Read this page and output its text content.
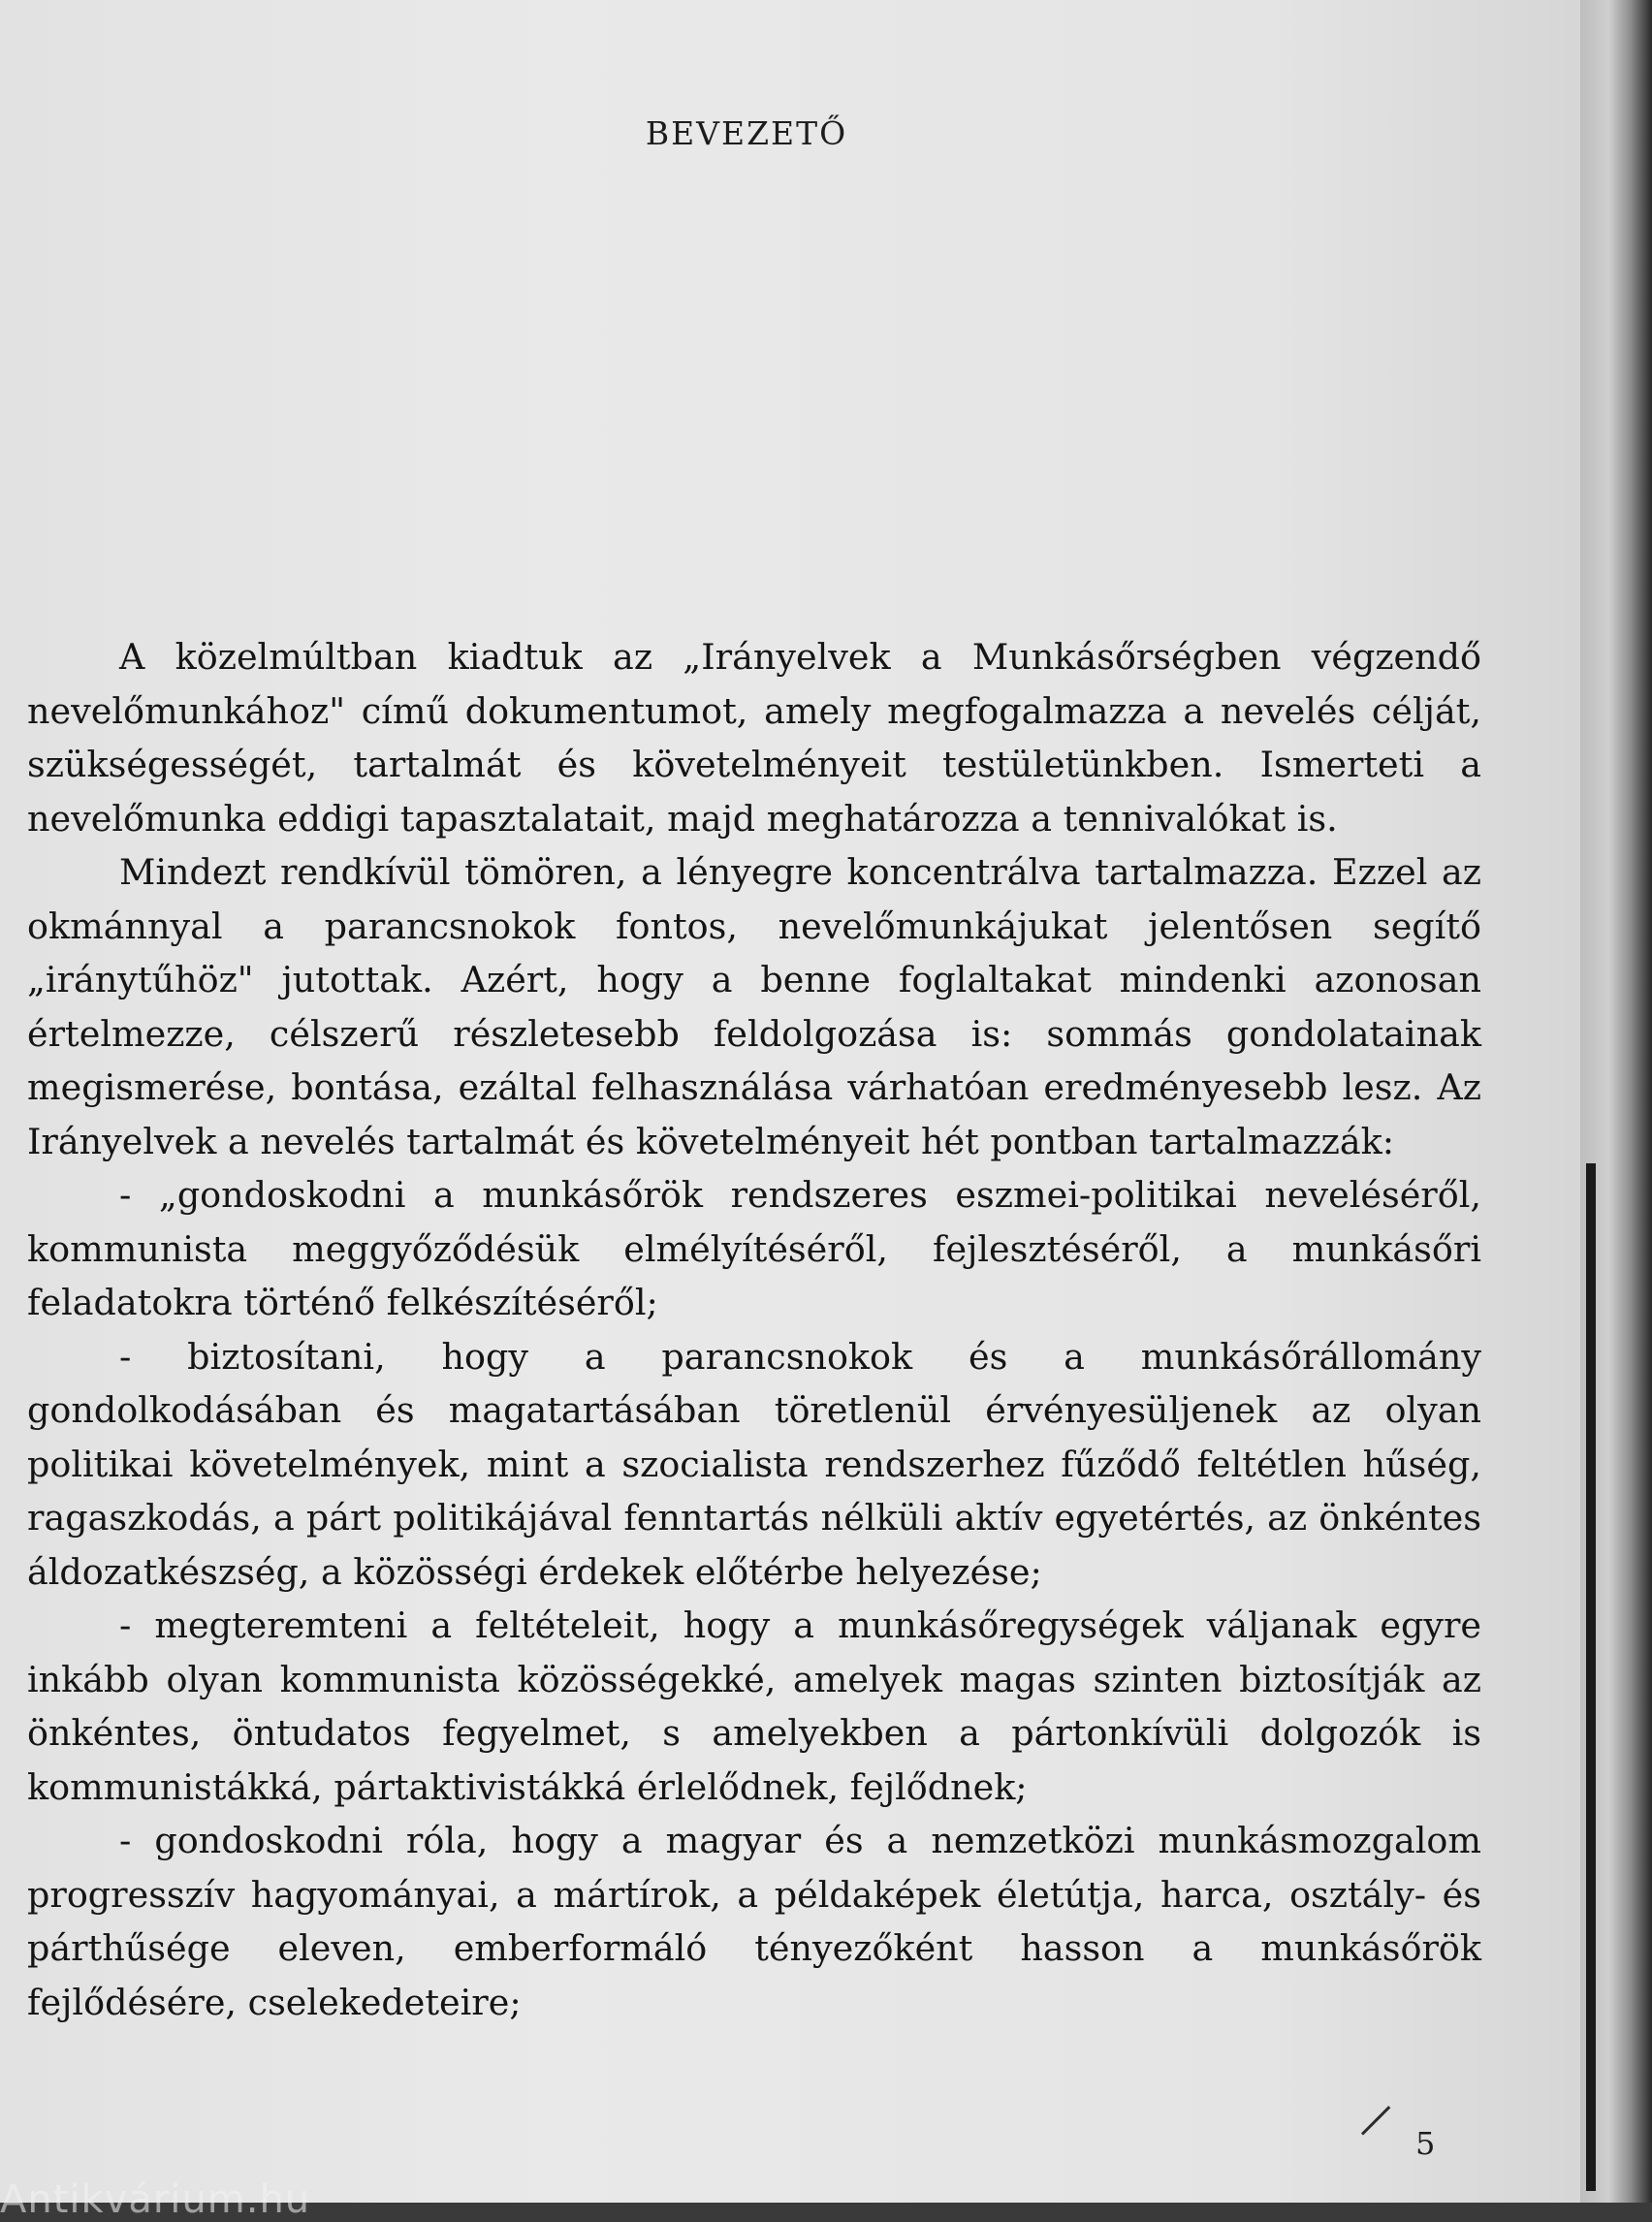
BEVEZETŐ

A közelmúltban kiadtuk az „Irányelvek a Munkásőrségben végzendő nevelőmunkához" című dokumentumot, amely megfogalmazza a nevelés célját, szükségességét, tartalmát és követelményeit testületünkben. Ismerteti a nevelőmunka eddigi tapasztalatait, majd meghatározza a tennivalókat is.

Mindezt rendkívül tömören, a lényegre koncentrálva tartalmazza. Ezzel az okmánnyal a parancsnokok fontos, nevelőmunkájukat jelentősen segítő „iránytűhöz" jutottak. Azért, hogy a benne foglaltakat mindenki azonosan értelmezze, célszerű részletesebb feldolgozása is: sommás gondolatainak megismerése, bontása, ezáltal felhasználása várhatóan eredményesebb lesz. Az Irányelvek a nevelés tartalmát és követelményeit hét pontban tartalmazzák:

- „gondoskodni a munkásőrök rendszeres eszmei-politikai neveléséről, kommunista meggyőződésük elmélyítéséről, fejlesztéséről, a munkásőri feladatokra történő felkészítéséről;

- biztosítani, hogy a parancsnokok és a munkásőrállomány gondolkodásában és magatartásában töretlenül érvényesüljenek az olyan politikai követelmények, mint a szocialista rendszerhez fűződő feltétlen hűség, ragaszkodás, a párt politikájával fenntartás nélküli aktív egyetértés, az önkéntes áldozatkészség, a közösségi érdekek előtérbe helyezése;

- megteremteni a feltételeit, hogy a munkásőregységek váljanak egyre inkább olyan kommunista közösségekké, amelyek magas szinten biztosítják az önkéntes, öntudatos fegyelmet, s amelyekben a pártonkívüli dolgozók is kommunistákká, pártaktivistákká érlelődnek, fejlődnek;

- gondoskodni róla, hogy a magyar és a nemzetközi munkásmozgalom progresszív hagyományai, a mártírok, a példaképek életútja, harca, osztály- és párthűsége eleven, emberformáló tényezőként hasson a munkásőrök fejlődésére, cselekedeteire;

5
Antikvárium.hu
